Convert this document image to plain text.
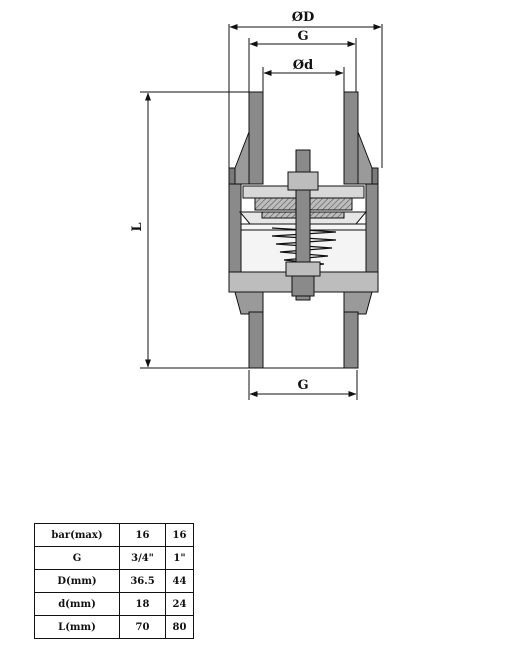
ØD
G
Ød
L
G
bar(max)	16	16
G	3/4"	1"
D(mm)	36.5	44
d(mm)	18	24
L(mm)	70	80
